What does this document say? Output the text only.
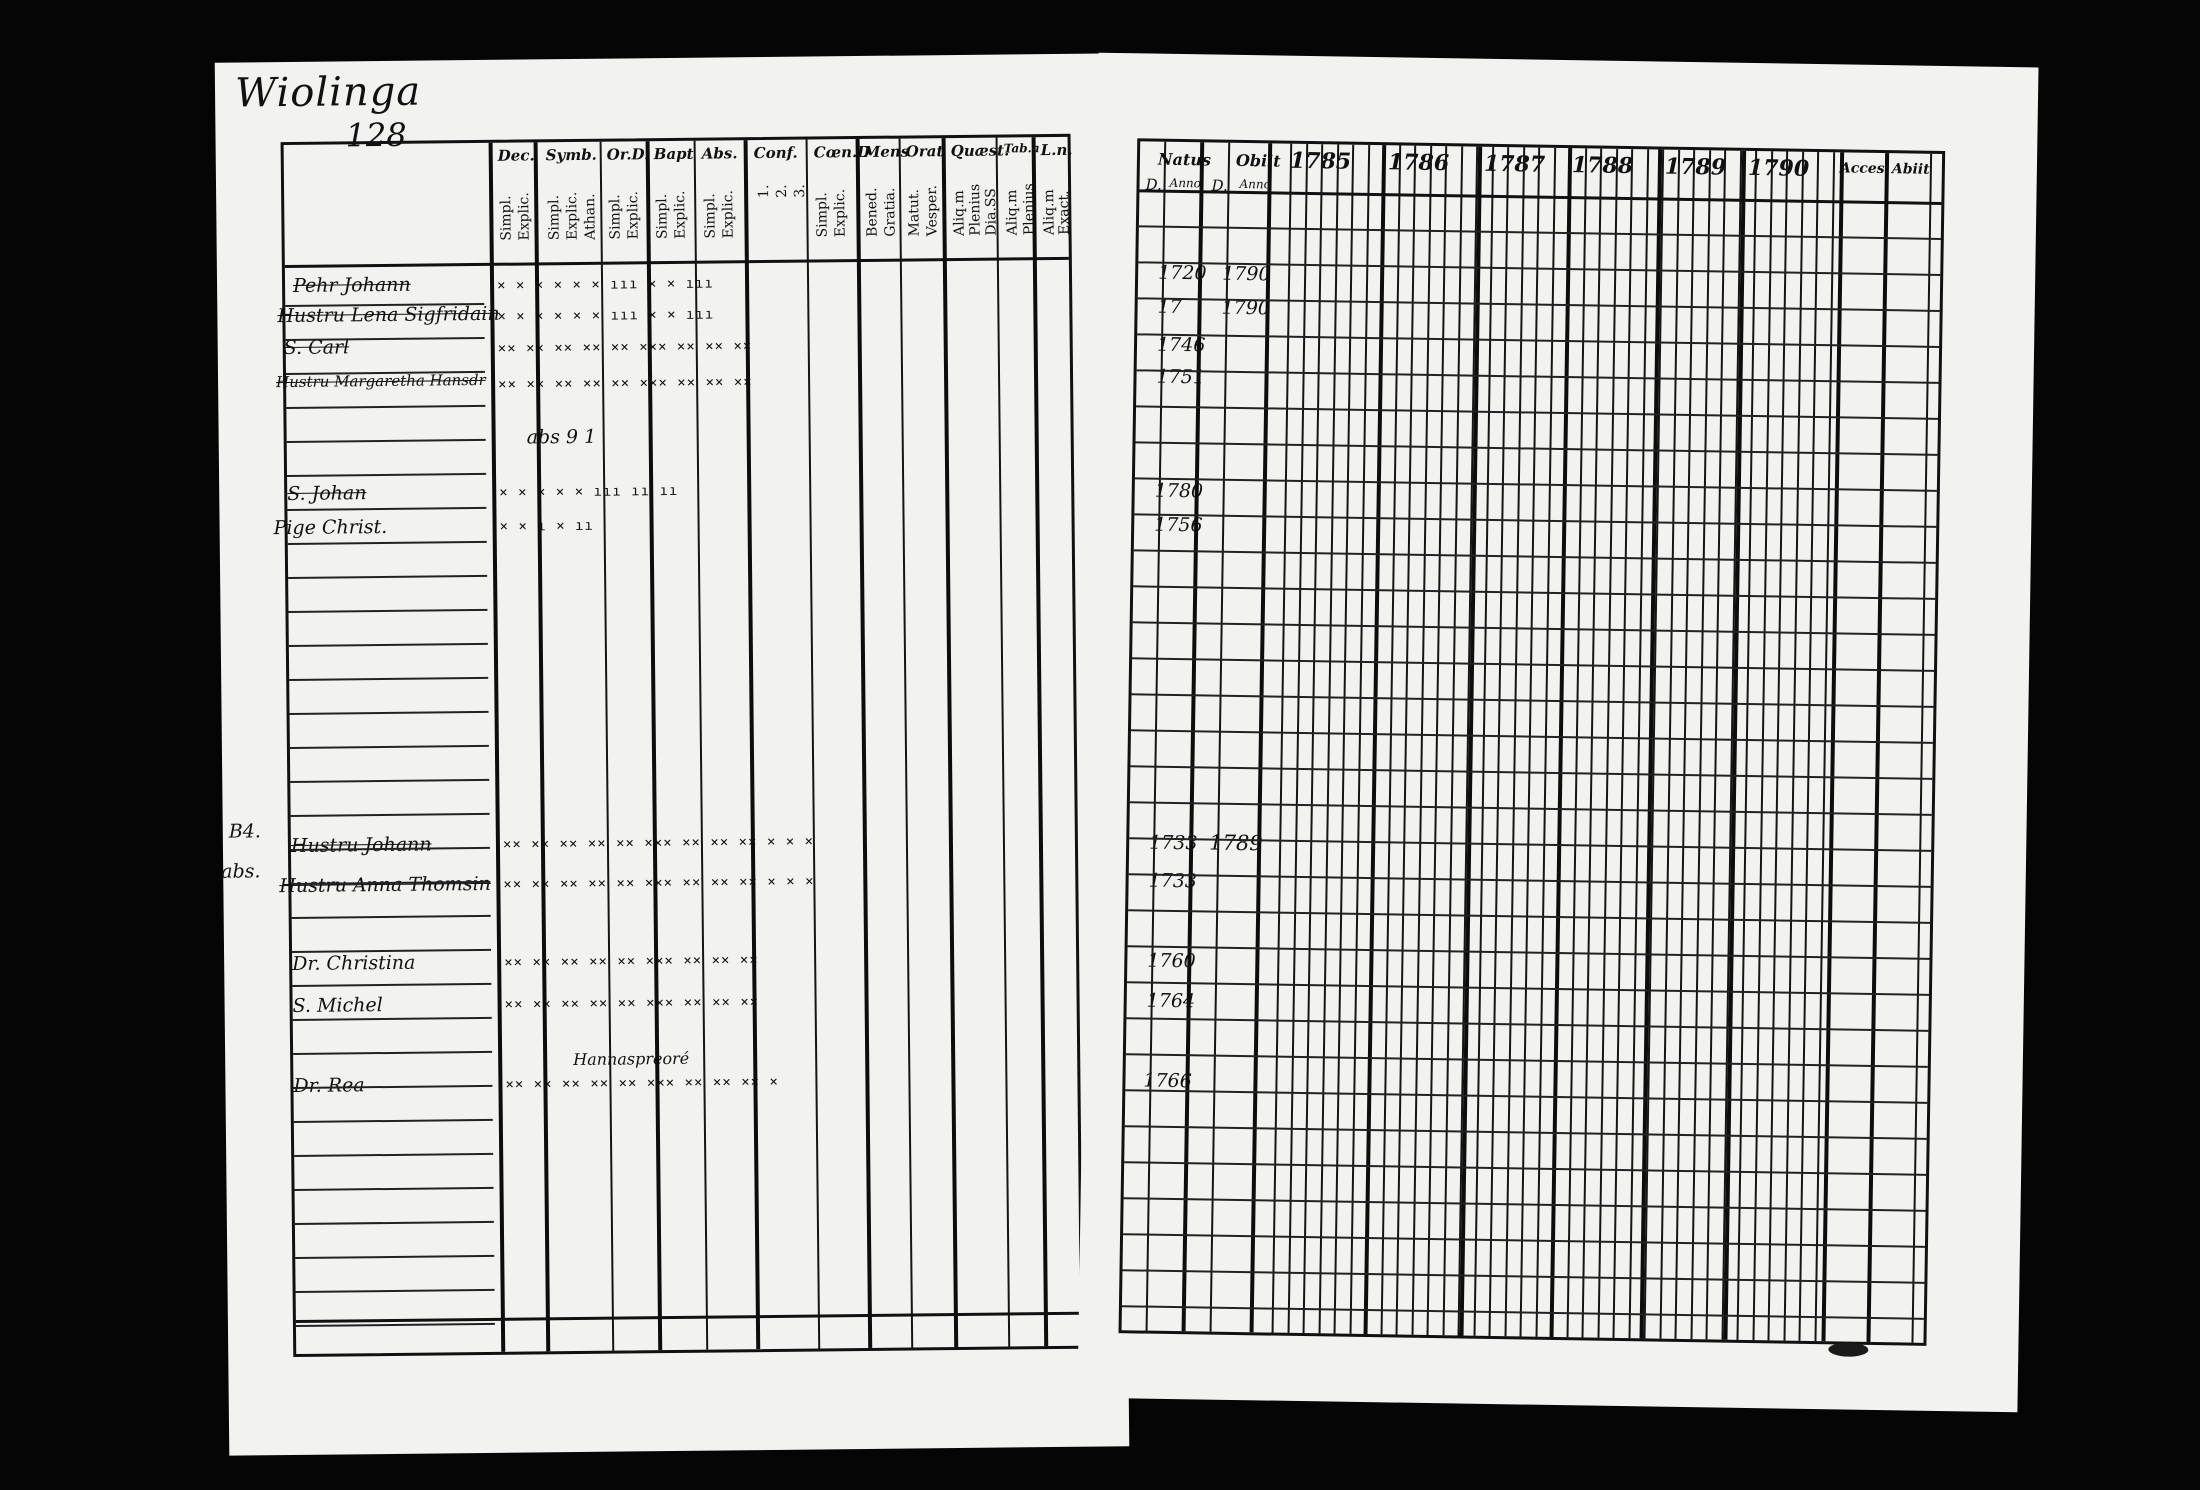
Wiolinga
128
Dec. Symb. Or.D. Bapt Abs. Conf. Cœn.D
Mens
Orat Quæst.
Tab.a L.n.
Simpl. Explic. Simpl. Explic. Athan. Simpl. Explic. Simpl. Explic. Simpl. Explic. 1. 2. 3.
Simpl. Explic. Bened. Gratia. Matut. Vesper. Aliq.m Plenius Dia.SS Aliq.m Plenius Aliq.m
Exact.
Pehr Johann
Hustru Lena Sigfridain
S. Carl
Hustru Margaretha Hansdr
S. Johan
Pige Christ.
Hustru Johann
Hustru Anna Thomsin
Dr. Christina
S. Michel
Dr. Rea
× × × × × × ııı × × ııı
× × × × × × ııı × × ııı
×× ×× ×× ×× ×× ××× ×× ×× ××
×× ×× ×× ×× ×× ××× ×× ×× ××
× × × × × ııı ıı ıı
× × ı × ıı
×× ×× ×× ×× ×× ××× ×× ×× ×× × × ×
×× ×× ×× ×× ×× ××× ×× ×× ×× × × ×
×× ×× ×× ×× ×× ××× ×× ×× ××
×× ×× ×× ×× ×× ××× ×× ×× ××
×× ×× ×× ×× ×× ××× ×× ×× ×× ×
abs 9 1
Hannaspreoré
B4.
abs.
Natus Obiit
D. Anno D. Anno
1785 1786 1787 1788 1789 1790 Acces Abiit
1720 1790
17 1790
1746
1751
1780
1756
1733 1789
1733
1760
1764
1766
